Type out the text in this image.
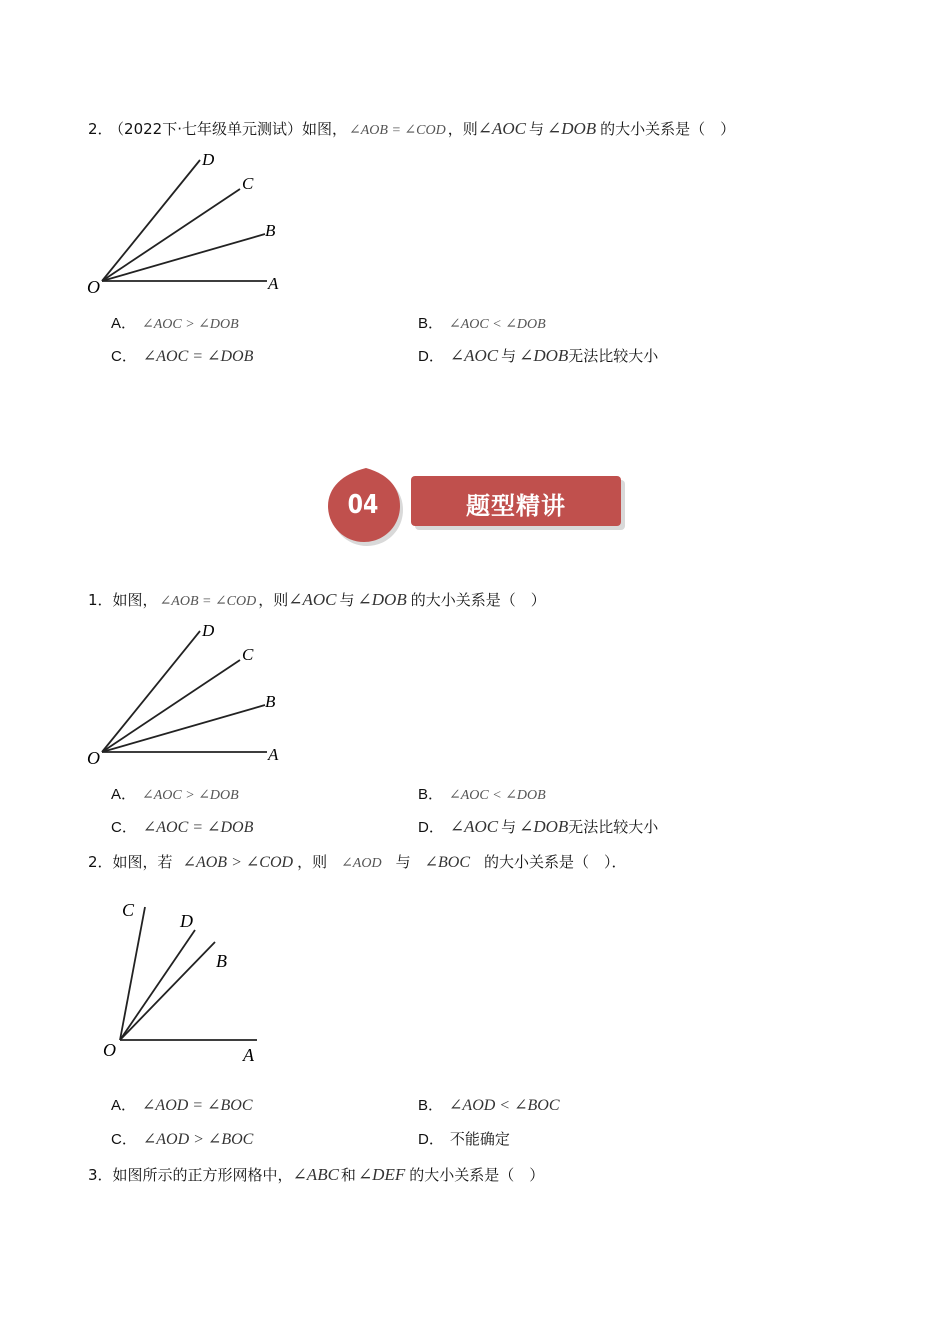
2． （2022下·七年级单元测试）如图， ∠AOB = ∠COD ，则∠AOC 与 ∠DOB 的大小关系是（　）
D
C
B
A
O
A． ∠AOC > ∠DOB	B． ∠AOC < ∠DOB
C． ∠AOC = ∠DOB	D． ∠AOC 与 ∠DOB无法比较大小
04	题型精讲
1．如图， ∠AOB = ∠COD ，则∠AOC 与 ∠DOB 的大小关系是（　）
D
C
B
A
O
A． ∠AOC > ∠DOB	B． ∠AOC < ∠DOB
C． ∠AOC = ∠DOB	D． ∠AOC 与 ∠DOB无法比较大小
2．如图，若 ∠AOB > ∠COD ，则 ∠AOD 与 ∠BOC 的大小关系是（　）．
C
D
B
O	A
A． ∠AOD = ∠BOC	B． ∠AOD < ∠BOC
C． ∠AOD > ∠BOC	D． 不能确定
3．如图所示的正方形网格中，∠ABC 和 ∠DEF 的大小关系是（　）
